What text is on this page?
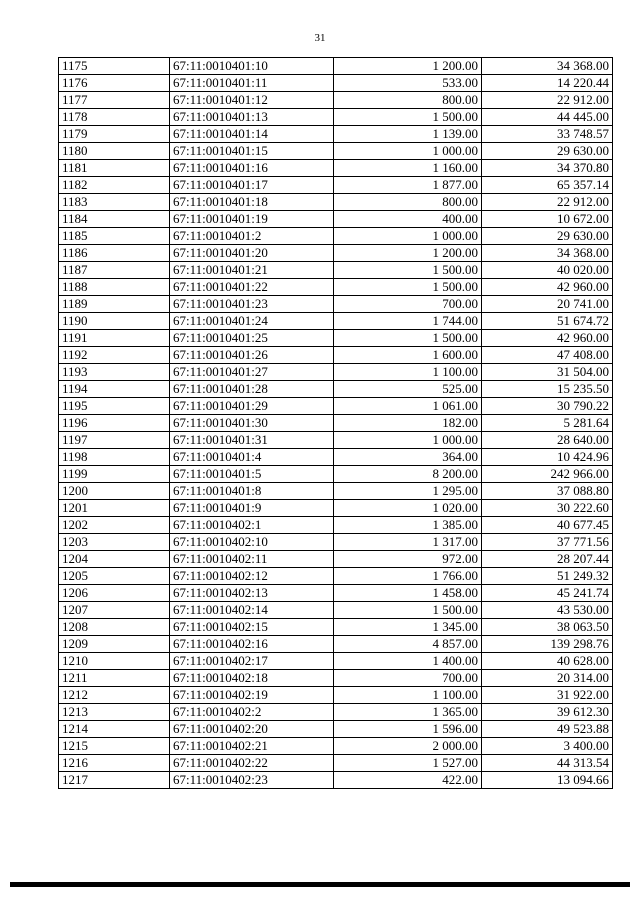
31
1175	67:11:0010401:10	1 200.00	34 368.00
1176	67:11:0010401:11	533.00	14 220.44
1177	67:11:0010401:12	800.00	22 912.00
1178	67:11:0010401:13	1 500.00	44 445.00
1179	67:11:0010401:14	1 139.00	33 748.57
1180	67:11:0010401:15	1 000.00	29 630.00
1181	67:11:0010401:16	1 160.00	34 370.80
1182	67:11:0010401:17	1 877.00	65 357.14
1183	67:11:0010401:18	800.00	22 912.00
1184	67:11:0010401:19	400.00	10 672.00
1185	67:11:0010401:2	1 000.00	29 630.00
1186	67:11:0010401:20	1 200.00	34 368.00
1187	67:11:0010401:21	1 500.00	40 020.00
1188	67:11:0010401:22	1 500.00	42 960.00
1189	67:11:0010401:23	700.00	20 741.00
1190	67:11:0010401:24	1 744.00	51 674.72
1191	67:11:0010401:25	1 500.00	42 960.00
1192	67:11:0010401:26	1 600.00	47 408.00
1193	67:11:0010401:27	1 100.00	31 504.00
1194	67:11:0010401:28	525.00	15 235.50
1195	67:11:0010401:29	1 061.00	30 790.22
1196	67:11:0010401:30	182.00	5 281.64
1197	67:11:0010401:31	1 000.00	28 640.00
1198	67:11:0010401:4	364.00	10 424.96
1199	67:11:0010401:5	8 200.00	242 966.00
1200	67:11:0010401:8	1 295.00	37 088.80
1201	67:11:0010401:9	1 020.00	30 222.60
1202	67:11:0010402:1	1 385.00	40 677.45
1203	67:11:0010402:10	1 317.00	37 771.56
1204	67:11:0010402:11	972.00	28 207.44
1205	67:11:0010402:12	1 766.00	51 249.32
1206	67:11:0010402:13	1 458.00	45 241.74
1207	67:11:0010402:14	1 500.00	43 530.00
1208	67:11:0010402:15	1 345.00	38 063.50
1209	67:11:0010402:16	4 857.00	139 298.76
1210	67:11:0010402:17	1 400.00	40 628.00
1211	67:11:0010402:18	700.00	20 314.00
1212	67:11:0010402:19	1 100.00	31 922.00
1213	67:11:0010402:2	1 365.00	39 612.30
1214	67:11:0010402:20	1 596.00	49 523.88
1215	67:11:0010402:21	2 000.00	3 400.00
1216	67:11:0010402:22	1 527.00	44 313.54
1217	67:11:0010402:23	422.00	13 094.66
